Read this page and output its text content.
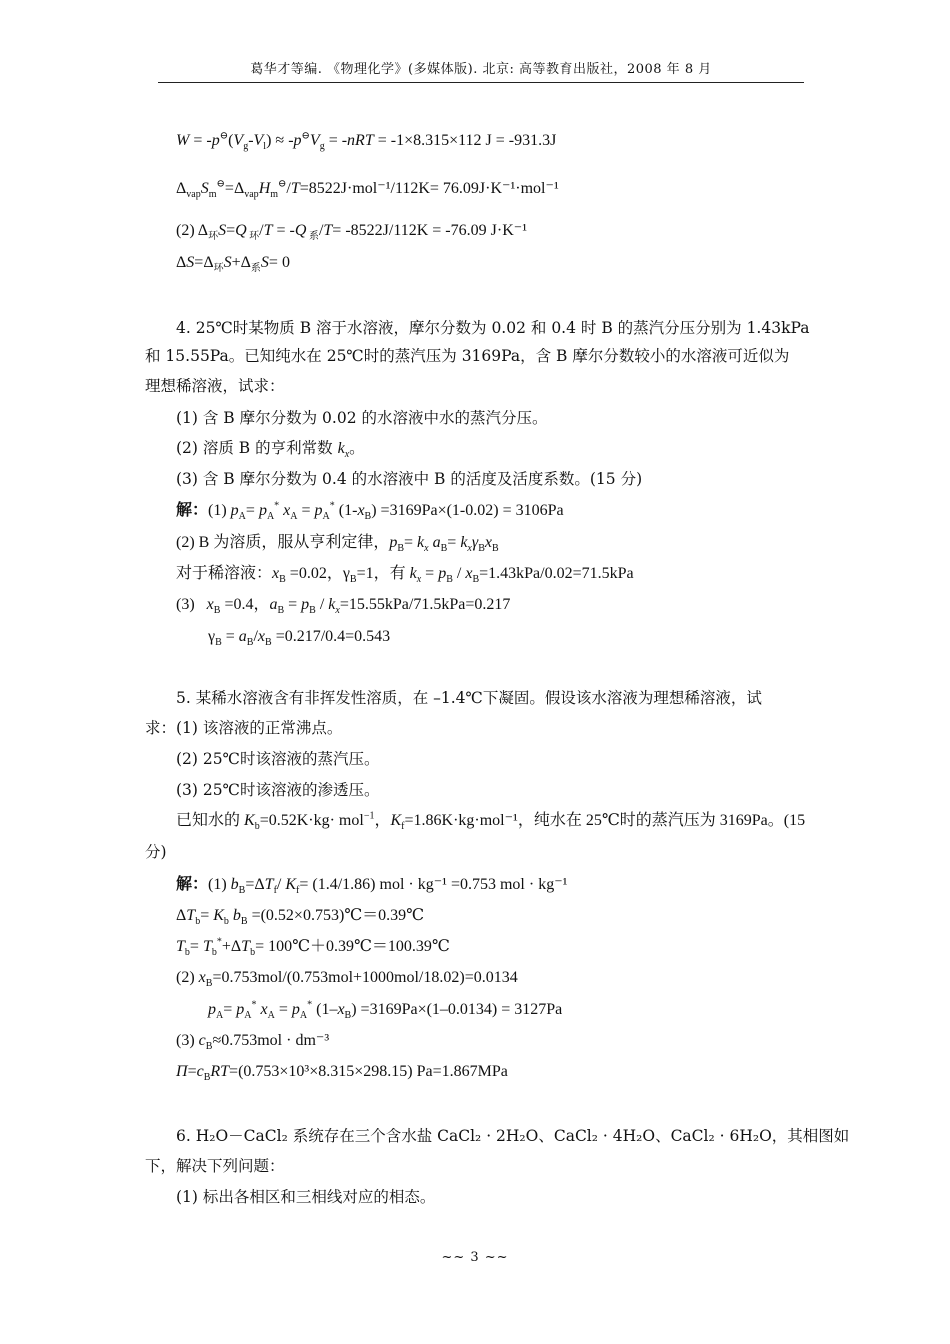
葛华才等编. 《物理化学》(多媒体版). 北京: 高等教育出版社，2008 年 8 月
$W = -p^⊖(V_g-V_l) \approx -p^⊖V_g = -nRT = -1\times 8.315\times 112$ J = -931.3J
$\Delta_{vap}S_m^⊖=\Delta_{vap}H_m^⊖/T=8522J\cdot mol^{-1}/112K= 76.09J\cdot K^{-1}\cdot mol^{-1}$
(2) $\Delta_环S=Q$ $_环$/T = -Q $_系$/T= -8522J/112K = -76.09 J·K⁻¹
$\Delta S=\Delta_环S+\Delta_系S= 0$
4. 25℃时某物质 B 溶于水溶液，摩尔分数为 0.02 和 0.4 时 B 的蒸汽分压分别为 1.43kPa
和 15.55Pa。已知纯水在 25℃时的蒸汽压为 3169Pa，含 B 摩尔分数较小的水溶液可近似为
理想稀溶液，试求：
(1) 含 B 摩尔分数为 0.02 的水溶液中水的蒸汽分压。
(2) 溶质 B 的亨利常数 $k_x$。
(3) 含 B 摩尔分数为 0.4 的水溶液中 B 的活度及活度系数。(15 分)
解：(1) $p_A= p_A^*$ $x_A = p_A^*$ $(1-x_B) =3169Pa\times(1-0.02) = 3106Pa$
(2) B 为溶质，服从亨利定律，$p_B= k_x$ $a_B= k_x\gamma_Bx_B$
对于稀溶液：$x_B =0.02$，$\gamma_B=1$，有 $k_x = p_B / x_B=1.43kPa/0.02=71.5kPa$
(3)   $x_B =0.4$，$a_B = p_B / k_x=15.55kPa/71.5kPa=0.217$
$\gamma_B = a_B/x_B =0.217/0.4=0.543$
5. 某稀水溶液含有非挥发性溶质，在 –1.4℃下凝固。假设该水溶液为理想稀溶液，试
求：(1) 该溶液的正常沸点。
(2) 25℃时该溶液的蒸汽压。
(3) 25℃时该溶液的渗透压。
已知水的 $K_b=0.52K\cdot kg\cdot mol^{-1}$，$K_f=1.86K\cdot kg\cdot mol^{-1}$，纯水在 25℃时的蒸汽压为 3169Pa。(15
分)
解：(1) $b_B=\Delta T_f/$ $K_f= (1.4/1.86)$ mol · kg⁻¹ =0.753 mol · kg⁻¹
$\Delta T_b= K_b$ $b_B$ =(0.52×0.753)℃＝0.39℃
$T_b= T_b^*+\Delta T_b=$ 100℃＋0.39℃＝100.39℃
(2) $x_B=0.753mol/(0.753mol+1000mol/18.02)=0.0134$
$p_A= p_A^*$ $x_A = p_A^*$ $(1-x_B) =3169Pa\times(1-0.0134) = 3127Pa$
(3) $c_B\approx 0.753mol \cdot dm^{-3}$
$\Pi=c_BRT=(0.753\times 10^3\times 8.315\times 298.15)$ Pa=1.867MPa
6. H₂O－CaCl₂ 系统存在三个含水盐 CaCl₂ · 2H₂O、CaCl₂ · 4H₂O、CaCl₂ · 6H₂O，其相图如
下，解决下列问题：
(1) 标出各相区和三相线对应的相态。
~~ 3 ~~
